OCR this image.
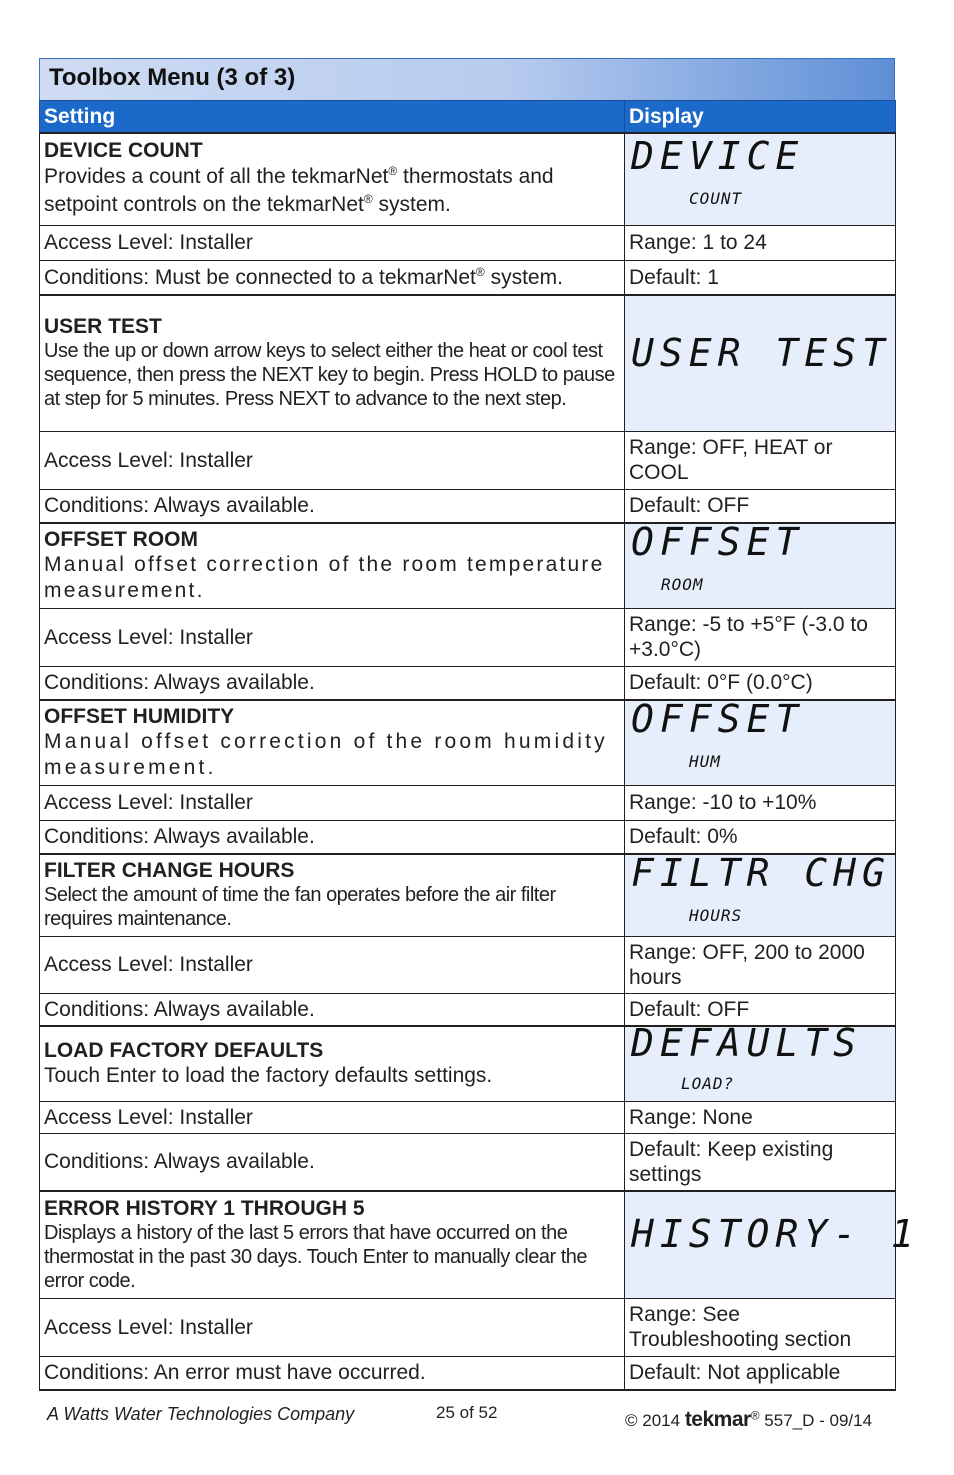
Toolbox Menu (3 of 3)
Setting	Display

DEVICE COUNT
Provides a count of all the tekmarNet® thermostats and setpoint controls on the tekmarNet® system.	DEVICE
COUNT

Access Level: Installer	Range: 1 to 24
Conditions: Must be connected to a tekmarNet® system.	Default: 1

USER TEST
Use the up or down arrow keys to select either the heat or cool test sequence, then press the NEXT key to begin. Press HOLD to pause at step for 5 minutes. Press NEXT to advance to the next step.	USER TEST

Access Level: Installer	Range: OFF, HEAT or COOL
Conditions: Always available.	Default: OFF

OFFSET ROOM
Manual offset correction of the room temperature measurement.	OFFSET
ROOM

Access Level: Installer	Range: -5 to +5°F (-3.0 to +3.0°C)
Conditions: Always available.	Default: 0°F (0.0°C)

OFFSET HUMIDITY
Manual offset correction of the room humidity measurement.	OFFSET
HUM

Access Level: Installer	Range: -10 to +10%
Conditions: Always available.	Default: 0%

FILTER CHANGE HOURS
Select the amount of time the fan operates before the air filter requires maintenance.	FILTR CHG
HOURS

Access Level: Installer	Range: OFF, 200 to 2000 hours
Conditions: Always available.	Default: OFF

LOAD FACTORY DEFAULTS
Touch Enter to load the factory defaults settings.	DEFAULTS
LOAD?

Access Level: Installer	Range: None
Conditions: Always available.	Default: Keep existing settings

ERROR HISTORY 1 THROUGH 5
Displays a history of the last 5 errors that have occurred on the thermostat in the past 30 days. Touch Enter to manually clear the error code.	HISTORY- 1

Access Level: Installer	Range: See Troubleshooting section
Conditions: An error must have occurred.	Default: Not applicable
A Watts Water Technologies Company	25 of 52	© 2014 tekmar® 557_D - 09/14
